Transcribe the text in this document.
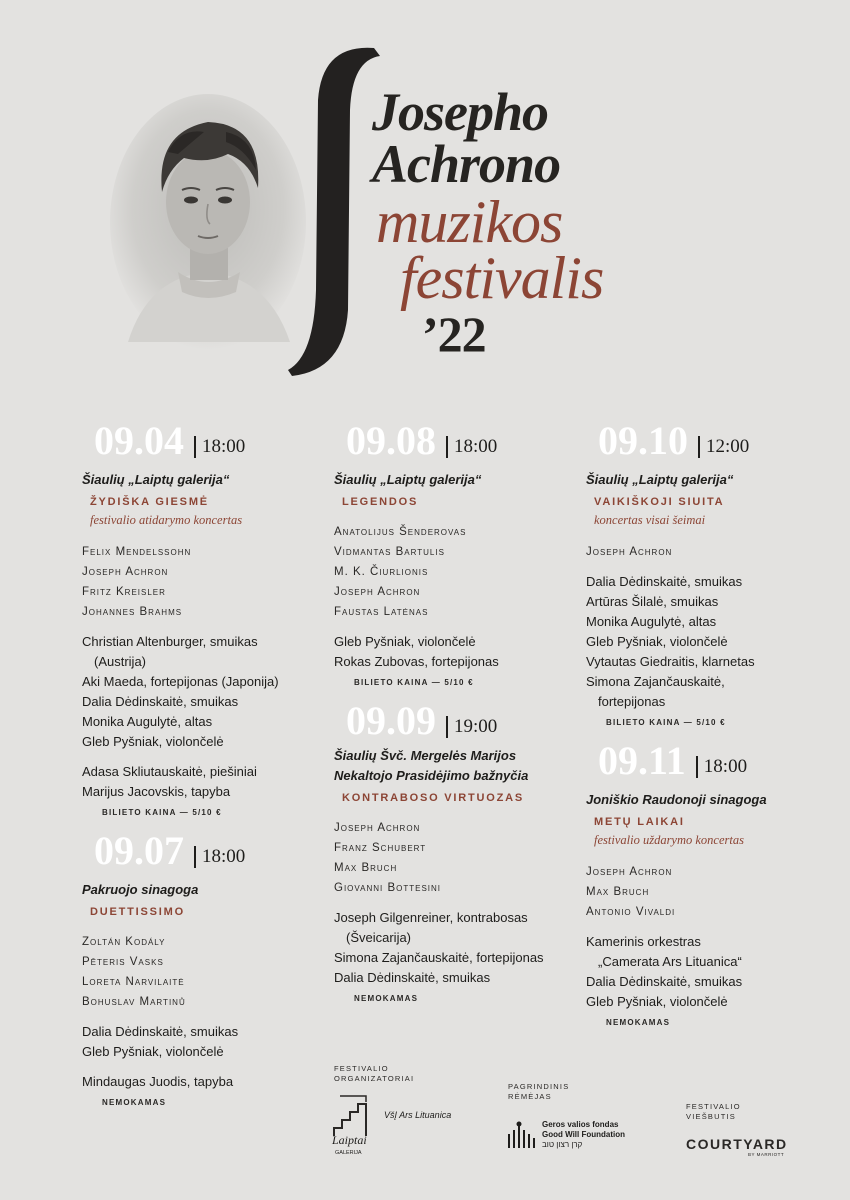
Josepho
Achrono
muzikos
festivalis
’22
09.04 18:00
Šiaulių „Laiptų galerija“
ŽYDIŠKA GIESMĖ
festivalio atidarymo koncertas
Felix Mendelssohn
Joseph Achron
Fritz Kreisler
Johannes Brahms
Christian Altenburger, smuikas
(Austrija)
Aki Maeda, fortepijonas (Japonija)
Dalia Dėdinskaitė, smuikas
Monika Augulytė, altas
Gleb Pyšniak, violončelė
Adasa Skliutauskaitė, piešiniai
Marijus Jacovskis, tapyba
BILIETO KAINA — 5/10 €
09.07 18:00
Pakruojo sinagoga
DUETTISSIMO
Zoltán Kodály
Pēteris Vasks
Loreta Narvilaitė
Bohuslav Martinů
Dalia Dėdinskaitė, smuikas
Gleb Pyšniak, violončelė
Mindaugas Juodis, tapyba
NEMOKAMAS
09.08 18:00
Šiaulių „Laiptų galerija“
LEGENDOS
Anatolijus Šenderovas
Vidmantas Bartulis
M. K. Čiurlionis
Joseph Achron
Faustas Latėnas
Gleb Pyšniak, violončelė
Rokas Zubovas, fortepijonas
BILIETO KAINA — 5/10 €
09.09 19:00
Šiaulių Švč. Mergelės Marijos
Nekaltojo Prasidėjimo bažnyčia
KONTRABOSO VIRTUOZAS
Joseph Achron
Franz Schubert
Max Bruch
Giovanni Bottesini
Joseph Gilgenreiner, kontrabosas
(Šveicarija)
Simona Zajančauskaitė, fortepijonas
Dalia Dėdinskaitė, smuikas
NEMOKAMAS
09.10 12:00
Šiaulių „Laiptų galerija“
VAIKIŠKOJI SIUITA
koncertas visai šeimai
Joseph Achron
Dalia Dėdinskaitė, smuikas
Artūras Šilalė, smuikas
Monika Augulytė, altas
Gleb Pyšniak, violončelė
Vytautas Giedraitis, klarnetas
Simona Zajančauskaitė,
fortepijonas
BILIETO KAINA — 5/10 €
09.11 18:00
Joniškio Raudonoji sinagoga
METŲ LAIKAI
festivalio uždarymo koncertas
Joseph Achron
Max Bruch
Antonio Vivaldi
Kamerinis orkestras
„Camerata Ars Lituanica“
Dalia Dėdinskaitė, smuikas
Gleb Pyšniak, violončelė
NEMOKAMAS
FESTIVALIO
ORGANIZATORIAI
Laiptai
GALERIJA
VšĮ Ars Lituanica
PAGRINDINIS
RĖMĖJAS
Geros valios fondas
Good Will Foundation
קרן רצון טוב
FESTIVALIO
VIEŠBUTIS
COURTYARD
BY MARRIOTT
